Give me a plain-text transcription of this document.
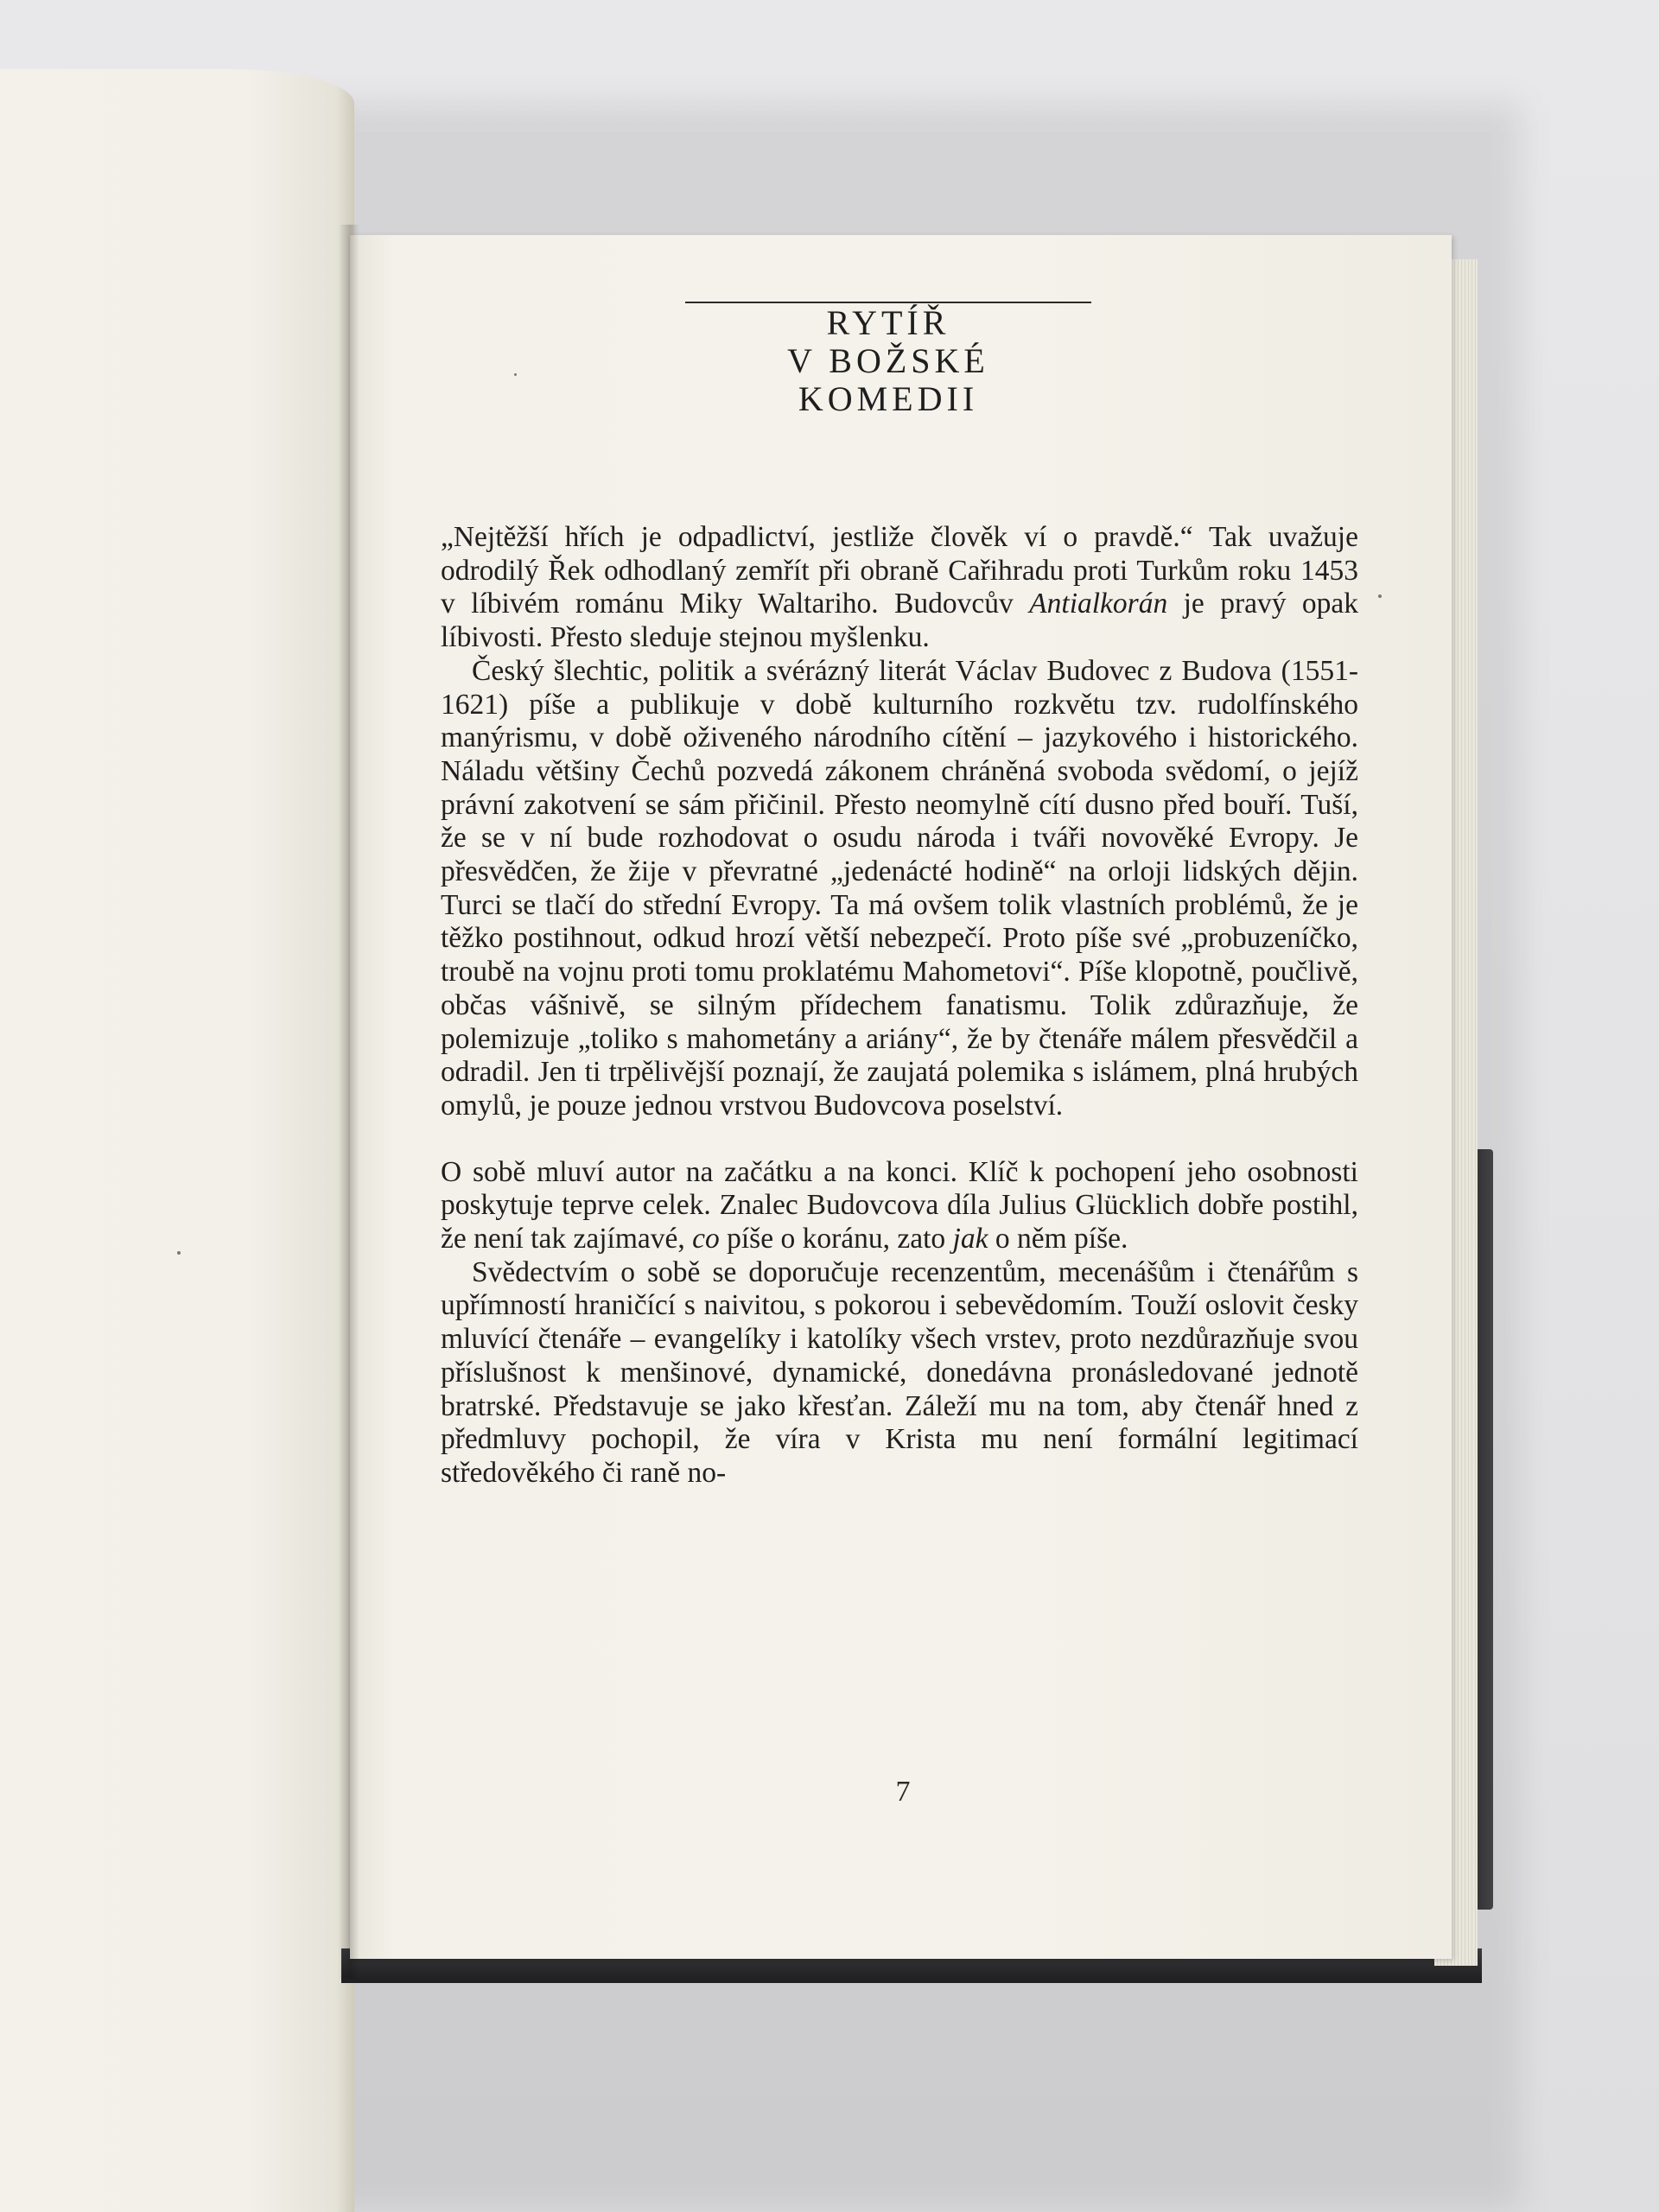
RYTÍŘ
V BOŽSKÉ
KOMEDII

„Nejtěžší hřích je odpadlictví, jestliže člověk ví o pravdě.“ Tak uvažuje odrodilý Řek odhodlaný zemřít při obraně Cařihradu proti Turkům roku 1453 v líbivém románu Miky Waltariho. Budovcův Antialkorán je pravý opak líbivosti. Přesto sleduje stejnou myšlenku.

Český šlechtic, politik a svérázný literát Václav Budovec z Budova (1551-1621) píše a publikuje v době kulturního rozkvětu tzv. rudolfínského manýrismu, v době oživeného národního cítění – jazykového i historického. Náladu většiny Čechů pozvedá zákonem chráněná svoboda svědomí, o jejíž právní zakotvení se sám přičinil. Přesto neomylně cítí dusno před bouří. Tuší, že se v ní bude rozhodovat o osudu národa i tváři novověké Evropy. Je přesvědčen, že žije v převratné „jedenácté hodině“ na orloji lidských dějin. Turci se tlačí do střední Evropy. Ta má ovšem tolik vlastních problémů, že je těžko postihnout, odkud hrozí větší nebezpečí. Proto píše své „probuzeníčko, troubě na vojnu proti tomu proklatému Mahometovi“. Píše klopotně, poučlivě, občas vášnivě, se silným přídechem fanatismu. Tolik zdůrazňuje, že polemizuje „toliko s mahometány a ariány“, že by čtenáře málem přesvědčil a odradil. Jen ti trpělivější poznají, že zaujatá polemika s islámem, plná hrubých omylů, je pouze jednou vrstvou Budovcova poselství.

O sobě mluví autor na začátku a na konci. Klíč k pochopení jeho osobnosti poskytuje teprve celek. Znalec Budovcova díla Julius Glücklich dobře postihl, že není tak zajímavé, co píše o koránu, zato jak o něm píše.

Svědectvím o sobě se doporučuje recenzentům, mecenášům i čtenářům s upřímností hraničící s naivitou, s pokorou i sebevědomím. Touží oslovit česky mluvící čtenáře – evangelíky i katolíky všech vrstev, proto nezdůrazňuje svou příslušnost k menšinové, dynamické, donedávna pronásledované jednotě bratrské. Představuje se jako křesťan. Záleží mu na tom, aby čtenář hned z předmluvy pochopil, že víra v Krista mu není formální legitimací středověkého či raně no-

7
